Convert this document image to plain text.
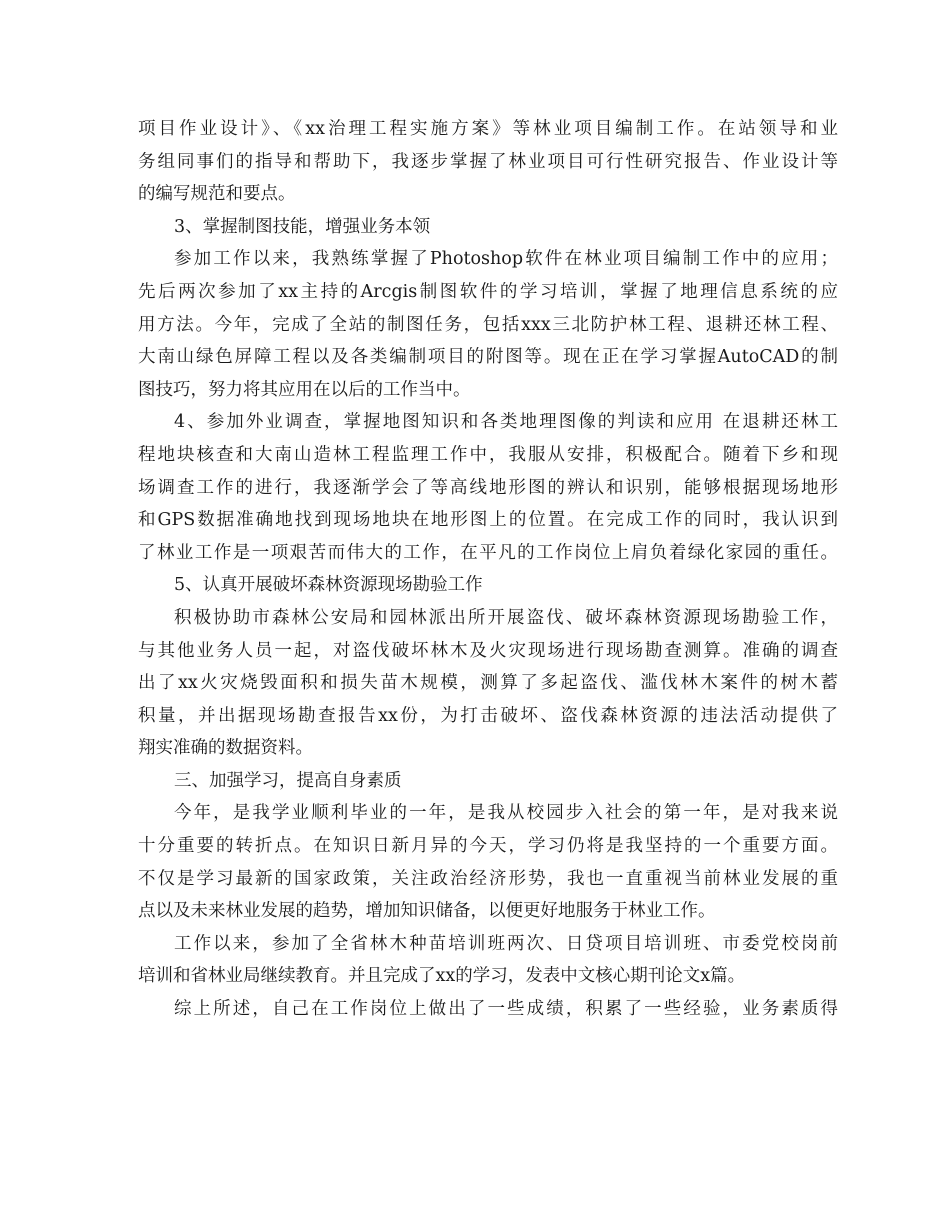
项目作业设计》、《xx治理工程实施方案》等林业项目编制工作。在站领导和业
务组同事们的指导和帮助下，我逐步掌握了林业项目可行性研究报告、作业设计等
的编写规范和要点。
3、掌握制图技能，增强业务本领
参加工作以来，我熟练掌握了Photoshop软件在林业项目编制工作中的应用；
先后两次参加了xx主持的Arcgis制图软件的学习培训，掌握了地理信息系统的应
用方法。今年，完成了全站的制图任务，包括xxx三北防护林工程、退耕还林工程、
大南山绿色屏障工程以及各类编制项目的附图等。现在正在学习掌握AutoCAD的制
图技巧，努力将其应用在以后的工作当中。
4、参加外业调查，掌握地图知识和各类地理图像的判读和应用 在退耕还林工
程地块核查和大南山造林工程监理工作中，我服从安排，积极配合。随着下乡和现
场调查工作的进行，我逐渐学会了等高线地形图的辨认和识别，能够根据现场地形
和GPS数据准确地找到现场地块在地形图上的位置。在完成工作的同时，我认识到
了林业工作是一项艰苦而伟大的工作，在平凡的工作岗位上肩负着绿化家园的重任。
5、认真开展破坏森林资源现场勘验工作
积极协助市森林公安局和园林派出所开展盗伐、破坏森林资源现场勘验工作，
与其他业务人员一起，对盗伐破坏林木及火灾现场进行现场勘查测算。准确的调查
出了xx火灾烧毁面积和损失苗木规模，测算了多起盗伐、滥伐林木案件的树木蓄
积量，并出据现场勘查报告xx份，为打击破坏、盗伐森林资源的违法活动提供了
翔实准确的数据资料。
三、加强学习，提高自身素质
今年，是我学业顺利毕业的一年，是我从校园步入社会的第一年，是对我来说
十分重要的转折点。在知识日新月异的今天，学习仍将是我坚持的一个重要方面。
不仅是学习最新的国家政策，关注政治经济形势，我也一直重视当前林业发展的重
点以及未来林业发展的趋势，增加知识储备，以便更好地服务于林业工作。
工作以来，参加了全省林木种苗培训班两次、日贷项目培训班、市委党校岗前
培训和省林业局继续教育。并且完成了xx的学习，发表中文核心期刊论文x篇。
综上所述，自己在工作岗位上做出了一些成绩，积累了一些经验，业务素质得
